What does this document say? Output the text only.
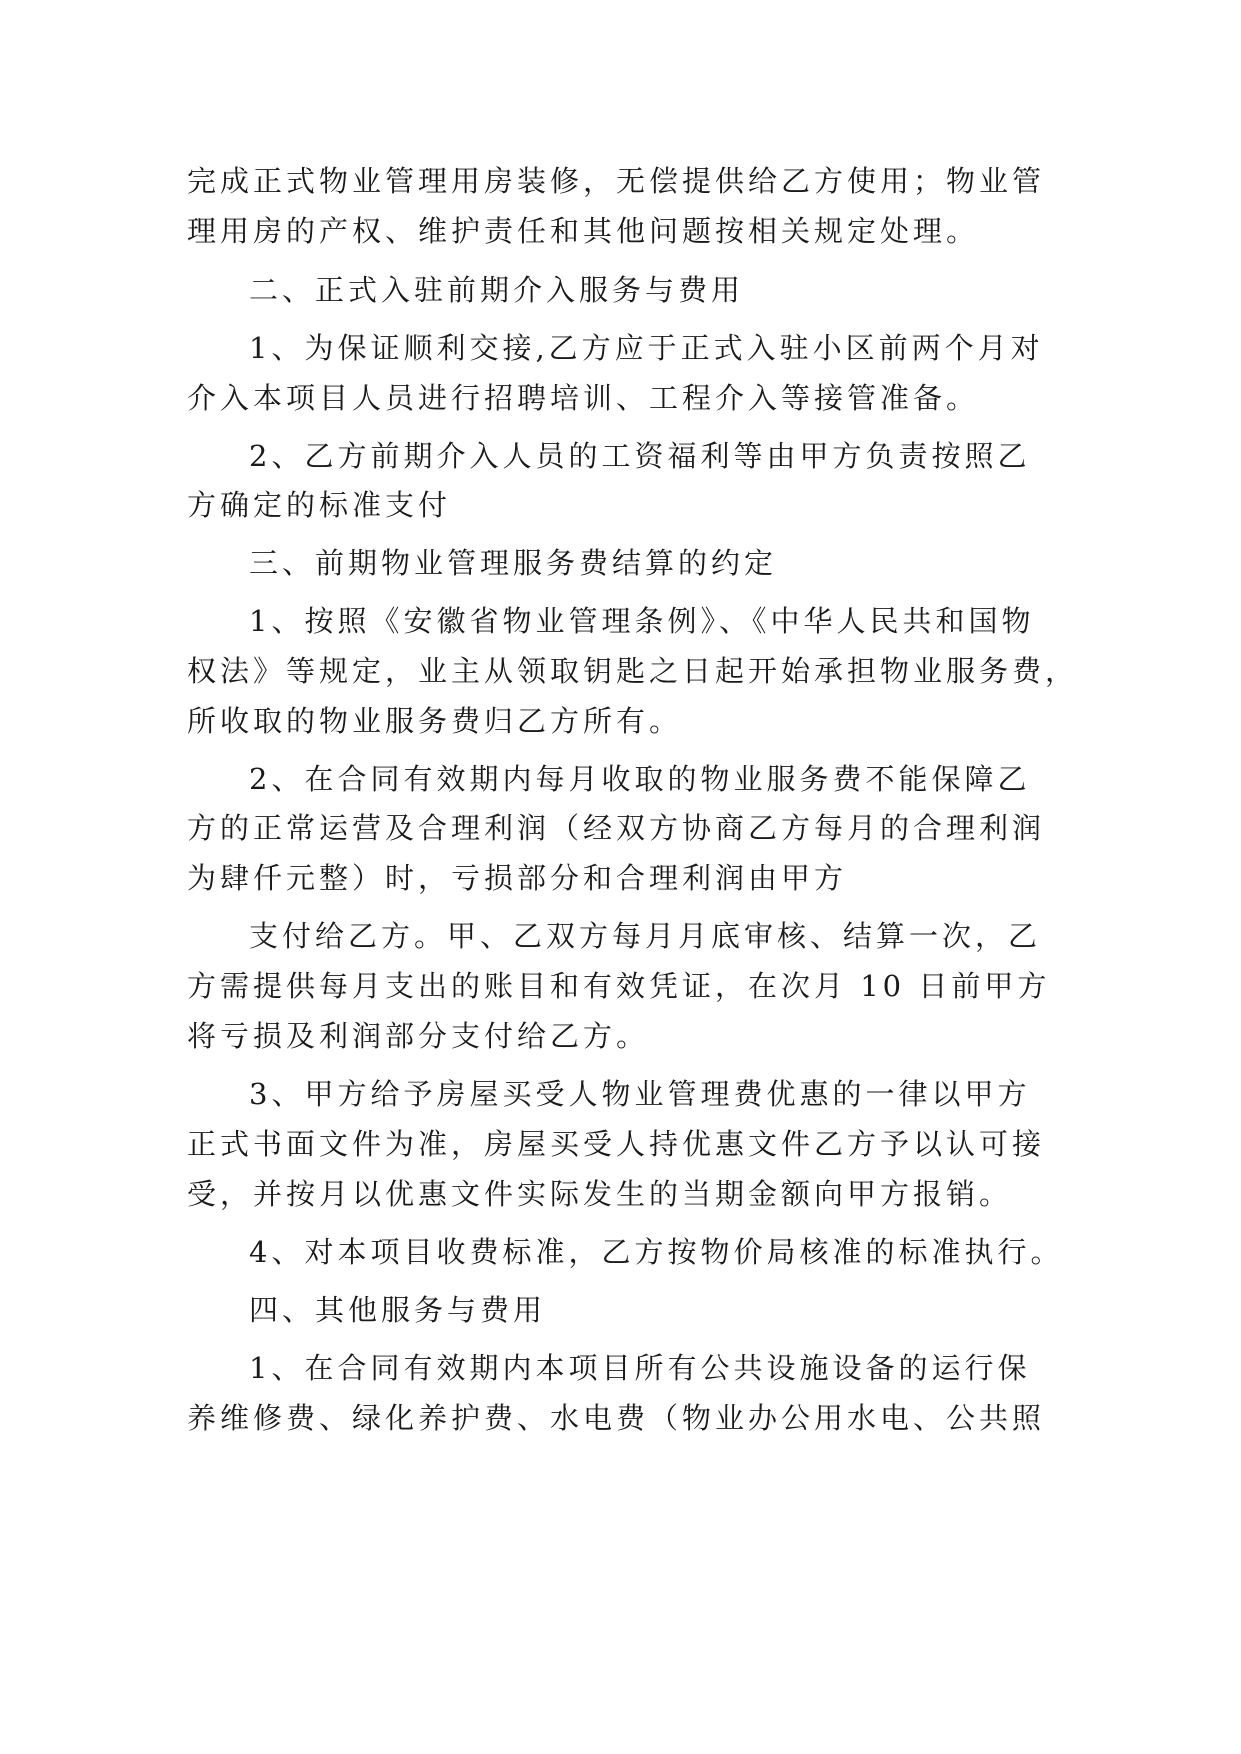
完成正式物业管理用房装修，无偿提供给乙方使用；物业管
理用房的产权、维护责任和其他问题按相关规定处理。
二、正式入驻前期介入服务与费用
1、为保证顺利交接,乙方应于正式入驻小区前两个月对
介入本项目人员进行招聘培训、工程介入等接管准备。
2、乙方前期介入人员的工资福利等由甲方负责按照乙
方确定的标准支付
三、前期物业管理服务费结算的约定
1、按照《安徽省物业管理条例》、《中华人民共和国物
权法》等规定，业主从领取钥匙之日起开始承担物业服务费，
所收取的物业服务费归乙方所有。
2、在合同有效期内每月收取的物业服务费不能保障乙
方的正常运营及合理利润（经双方协商乙方每月的合理利润
为肆仟元整）时，亏损部分和合理利润由甲方
支付给乙方。甲、乙双方每月月底审核、结算一次，乙
方需提供每月支出的账目和有效凭证，在次月 10 日前甲方
将亏损及利润部分支付给乙方。
3、甲方给予房屋买受人物业管理费优惠的一律以甲方
正式书面文件为准，房屋买受人持优惠文件乙方予以认可接
受，并按月以优惠文件实际发生的当期金额向甲方报销。
4、对本项目收费标准，乙方按物价局核准的标准执行。
四、其他服务与费用
1、在合同有效期内本项目所有公共设施设备的运行保
养维修费、绿化养护费、水电费（物业办公用水电、公共照
